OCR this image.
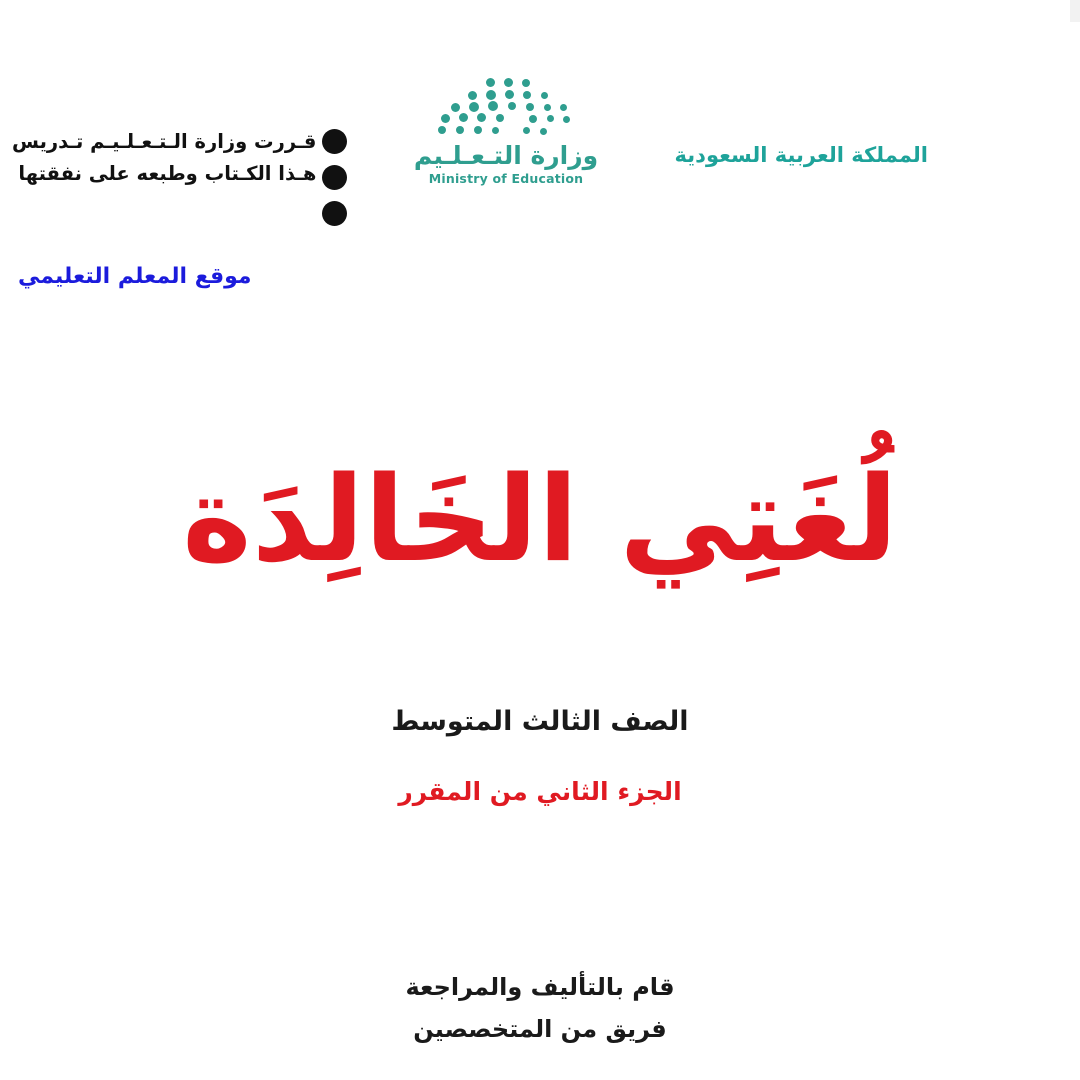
المملكة العربية السعودية
وزارة التـعـلـيم
Ministry of Education
قـررت وزارة الـتـعـلـيـم تـدريس
هـذا الكـتاب وطبعه على نفقتها
موقع المعلم التعليمي
لُغَتِي الخَالِدَة
الصف الثالث المتوسط
الجزء الثاني من المقرر
قام بالتأليف والمراجعة
فريق من المتخصصين
